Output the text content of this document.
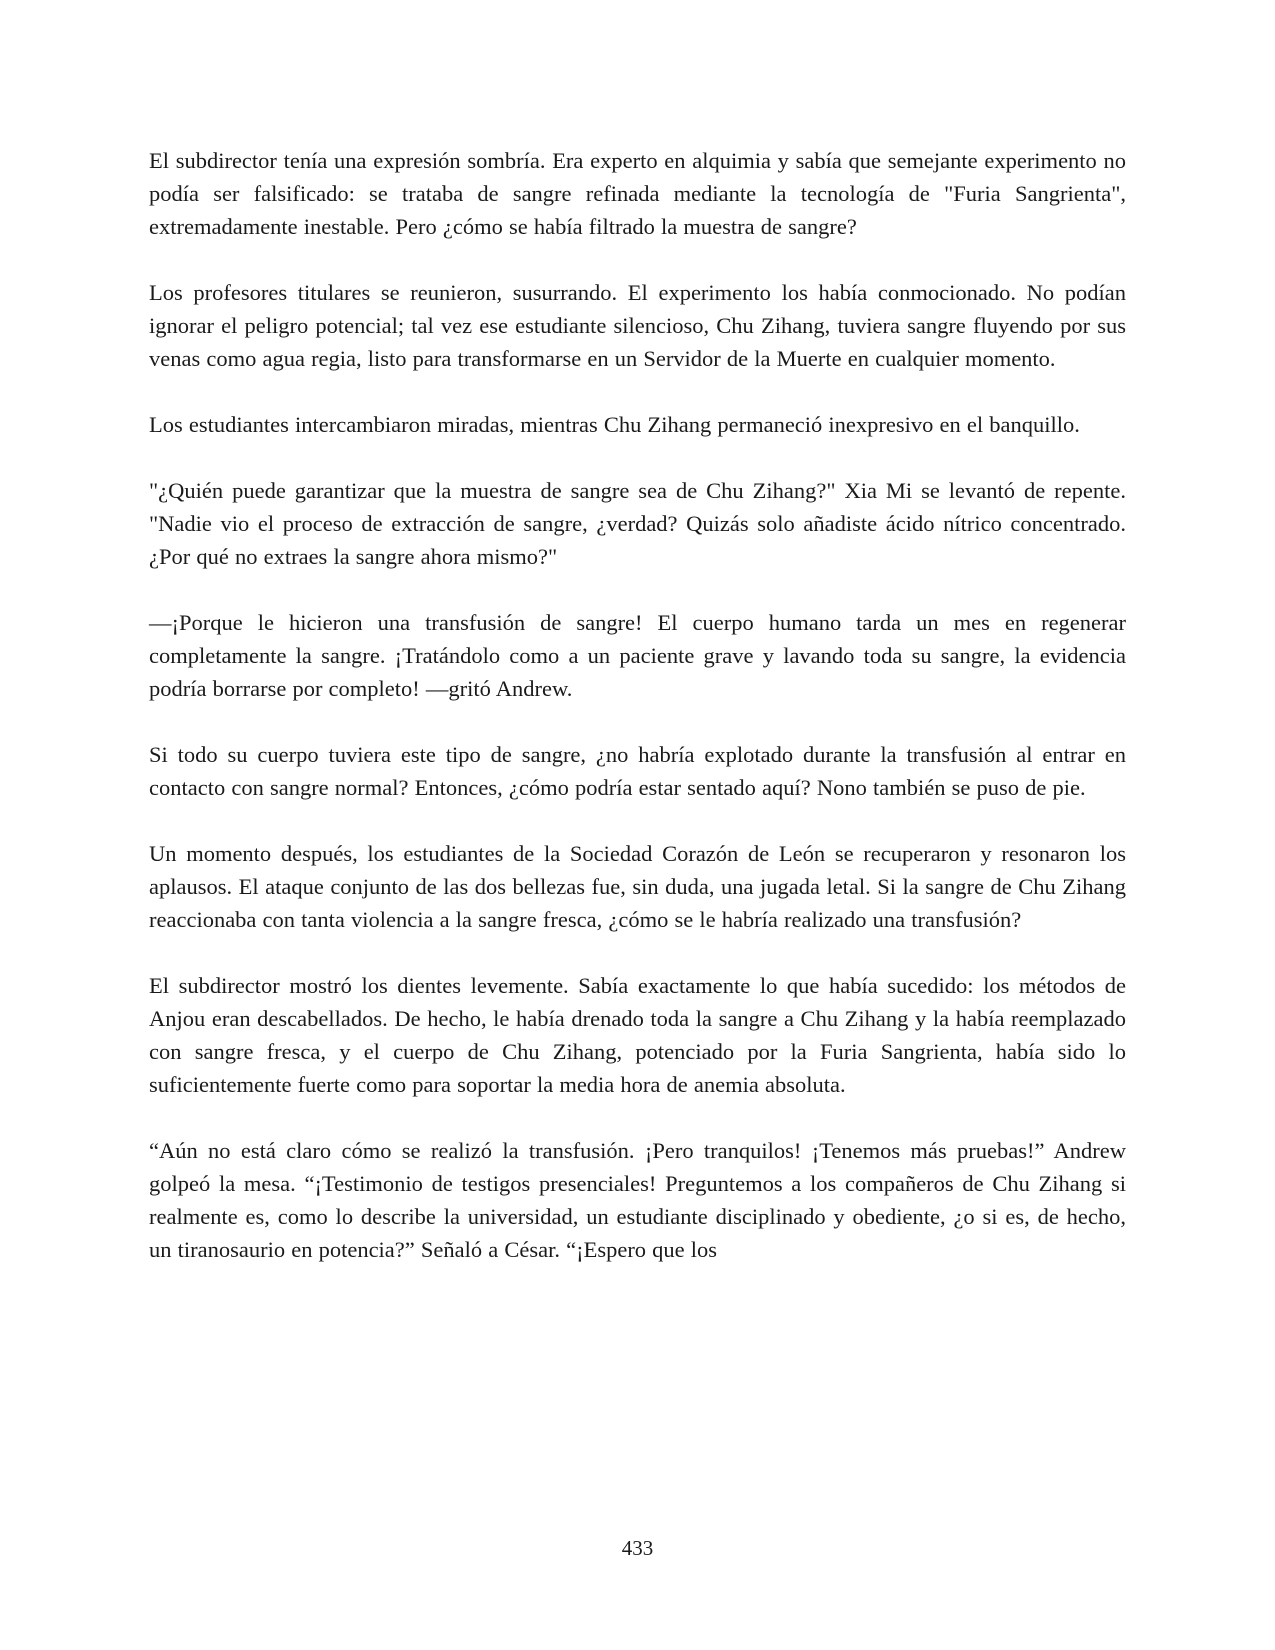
El subdirector tenía una expresión sombría. Era experto en alquimia y sabía que semejante experimento no podía ser falsificado: se trataba de sangre refinada mediante la tecnología de "Furia Sangrienta", extremadamente inestable. Pero ¿cómo se había filtrado la muestra de sangre?

Los profesores titulares se reunieron, susurrando. El experimento los había conmocionado. No podían ignorar el peligro potencial; tal vez ese estudiante silencioso, Chu Zihang, tuviera sangre fluyendo por sus venas como agua regia, listo para transformarse en un Servidor de la Muerte en cualquier momento.

Los estudiantes intercambiaron miradas, mientras Chu Zihang permaneció inexpresivo en el banquillo.

"¿Quién puede garantizar que la muestra de sangre sea de Chu Zihang?" Xia Mi se levantó de repente. "Nadie vio el proceso de extracción de sangre, ¿verdad? Quizás solo añadiste ácido nítrico concentrado. ¿Por qué no extraes la sangre ahora mismo?"

—¡Porque le hicieron una transfusión de sangre! El cuerpo humano tarda un mes en regenerar completamente la sangre. ¡Tratándolo como a un paciente grave y lavando toda su sangre, la evidencia podría borrarse por completo! —gritó Andrew.

Si todo su cuerpo tuviera este tipo de sangre, ¿no habría explotado durante la transfusión al entrar en contacto con sangre normal? Entonces, ¿cómo podría estar sentado aquí? Nono también se puso de pie.

Un momento después, los estudiantes de la Sociedad Corazón de León se recuperaron y resonaron los aplausos. El ataque conjunto de las dos bellezas fue, sin duda, una jugada letal. Si la sangre de Chu Zihang reaccionaba con tanta violencia a la sangre fresca, ¿cómo se le habría realizado una transfusión?

El subdirector mostró los dientes levemente. Sabía exactamente lo que había sucedido: los métodos de Anjou eran descabellados. De hecho, le había drenado toda la sangre a Chu Zihang y la había reemplazado con sangre fresca, y el cuerpo de Chu Zihang, potenciado por la Furia Sangrienta, había sido lo suficientemente fuerte como para soportar la media hora de anemia absoluta.

“Aún no está claro cómo se realizó la transfusión. ¡Pero tranquilos! ¡Tenemos más pruebas!” Andrew golpeó la mesa. “¡Testimonio de testigos presenciales! Preguntemos a los compañeros de Chu Zihang si realmente es, como lo describe la universidad, un estudiante disciplinado y obediente, ¿o si es, de hecho, un tiranosaurio en potencia?” Señaló a César. “¡Espero que los

433
